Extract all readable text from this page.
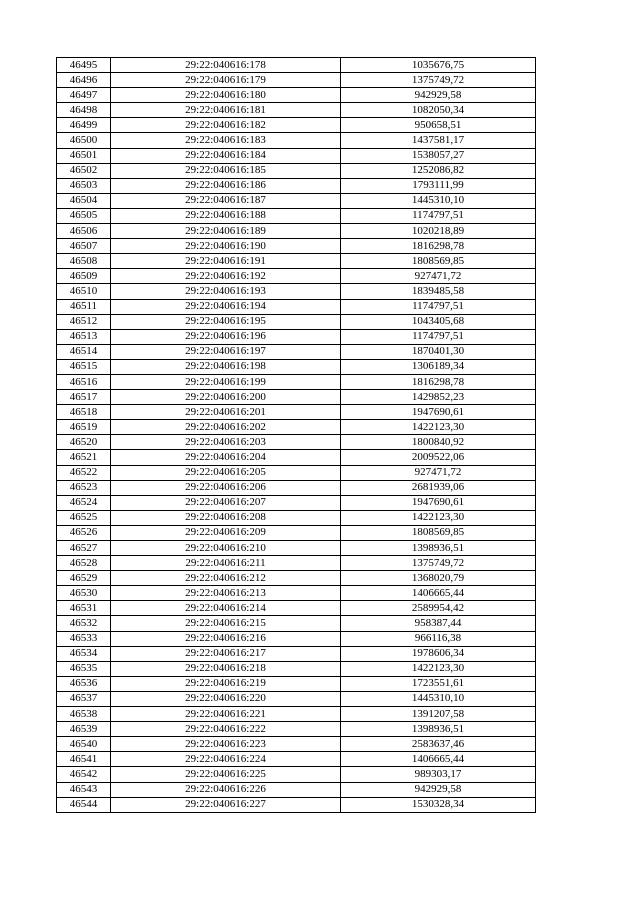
46495	29:22:040616:178	1035676,75
46496	29:22:040616:179	1375749,72
46497	29:22:040616:180	942929,58
46498	29:22:040616:181	1082050,34
46499	29:22:040616:182	950658,51
46500	29:22:040616:183	1437581,17
46501	29:22:040616:184	1538057,27
46502	29:22:040616:185	1252086,82
46503	29:22:040616:186	1793111,99
46504	29:22:040616:187	1445310,10
46505	29:22:040616:188	1174797,51
46506	29:22:040616:189	1020218,89
46507	29:22:040616:190	1816298,78
46508	29:22:040616:191	1808569,85
46509	29:22:040616:192	927471,72
46510	29:22:040616:193	1839485,58
46511	29:22:040616:194	1174797,51
46512	29:22:040616:195	1043405,68
46513	29:22:040616:196	1174797,51
46514	29:22:040616:197	1870401,30
46515	29:22:040616:198	1306189,34
46516	29:22:040616:199	1816298,78
46517	29:22:040616:200	1429852,23
46518	29:22:040616:201	1947690,61
46519	29:22:040616:202	1422123,30
46520	29:22:040616:203	1800840,92
46521	29:22:040616:204	2009522,06
46522	29:22:040616:205	927471,72
46523	29:22:040616:206	2681939,06
46524	29:22:040616:207	1947690,61
46525	29:22:040616:208	1422123,30
46526	29:22:040616:209	1808569,85
46527	29:22:040616:210	1398936,51
46528	29:22:040616:211	1375749,72
46529	29:22:040616:212	1368020,79
46530	29:22:040616:213	1406665,44
46531	29:22:040616:214	2589954,42
46532	29:22:040616:215	958387,44
46533	29:22:040616:216	966116,38
46534	29:22:040616:217	1978606,34
46535	29:22:040616:218	1422123,30
46536	29:22:040616:219	1723551,61
46537	29:22:040616:220	1445310,10
46538	29:22:040616:221	1391207,58
46539	29:22:040616:222	1398936,51
46540	29:22:040616:223	2583637,46
46541	29:22:040616:224	1406665,44
46542	29:22:040616:225	989303,17
46543	29:22:040616:226	942929,58
46544	29:22:040616:227	1530328,34
